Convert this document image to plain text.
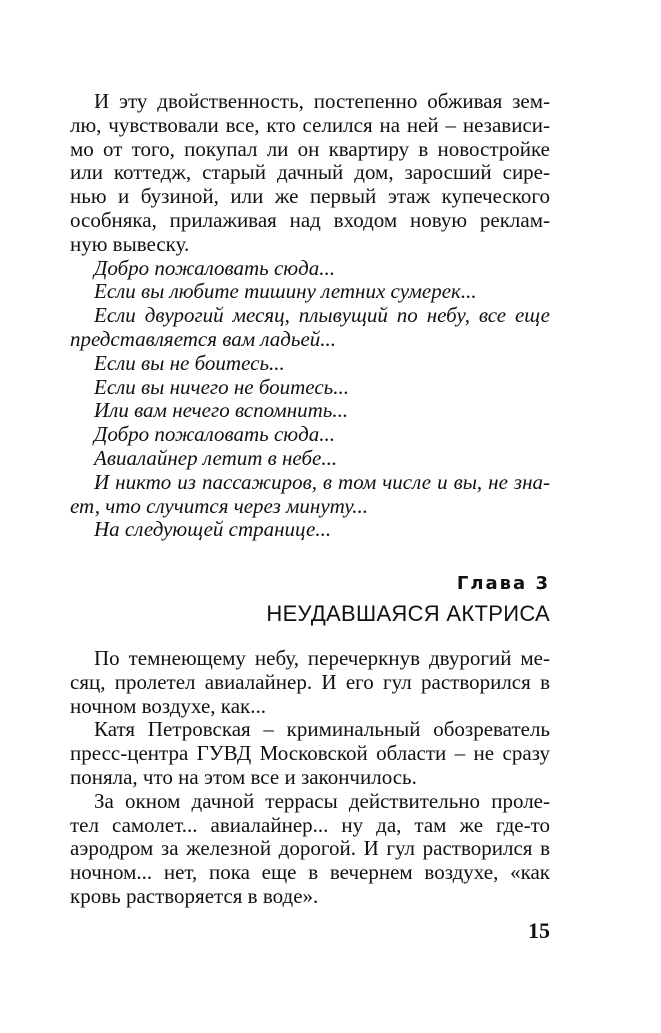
И эту двойственность, постепенно обживая зем-
лю, чувствовали все, кто селился на ней – независи-
мо от того, покупал ли он квартиру в новостройке
или коттедж, старый дачный дом, заросший сире-
нью и бузиной, или же первый этаж купеческого
особняка, прилаживая над входом новую реклам-
ную вывеску.
Добро пожаловать сюда...
Если вы любите тишину летних сумерек...
Если двурогий месяц, плывущий по небу, все еще
представляется вам ладьей...
Если вы не боитесь...
Если вы ничего не боитесь...
Или вам нечего вспомнить...
Добро пожаловать сюда...
Авиалайнер летит в небе...
И никто из пассажиров, в том числе и вы, не зна-
ет, что случится через минуту...
На следующей странице...
Глава 3
НЕУДАВШАЯСЯ АКТРИСА
По темнеющему небу, перечеркнув двурогий ме-
сяц, пролетел авиалайнер. И его гул растворился в
ночном воздухе, как...
Катя Петровская – криминальный обозреватель
пресс-центра ГУВД Московской области – не сразу
поняла, что на этом все и закончилось.
За окном дачной террасы действительно проле-
тел самолет... авиалайнер... ну да, там же где-то
аэродром за железной дорогой. И гул растворился в
ночном... нет, пока еще в вечернем воздухе, «как
кровь растворяется в воде».
15
